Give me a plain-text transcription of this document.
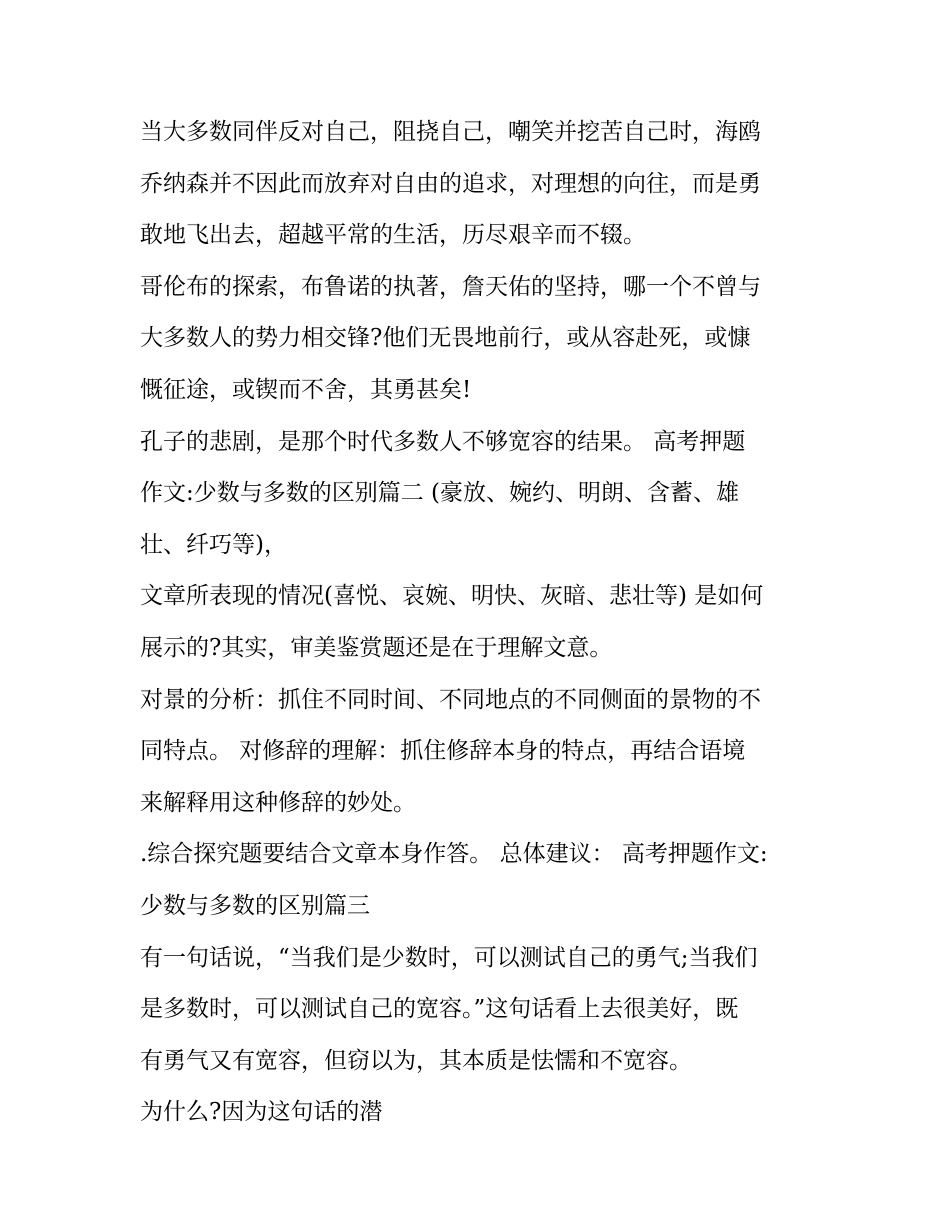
当大多数同伴反对自己，阻挠自己，嘲笑并挖苦自己时，海鸥
乔纳森并不因此而放弃对自由的追求，对理想的向往，而是勇
敢地飞出去，超越平常的生活，历尽艰辛而不辍。
哥伦布的探索，布鲁诺的执著，詹天佑的坚持，哪一个不曾与
大多数人的势力相交锋?他们无畏地前行，或从容赴死，或慷
慨征途，或锲而不舍，其勇甚矣!
孔子的悲剧，是那个时代多数人不够宽容的结果。 高考押题
作文:少数与多数的区别篇二 (豪放、婉约、明朗、含蓄、雄
壮、纤巧等)，
文章所表现的情况(喜悦、哀婉、明快、灰暗、悲壮等) 是如何
展示的?其实，审美鉴赏题还是在于理解文意。
对景的分析：抓住不同时间、不同地点的不同侧面的景物的不
同特点。 对修辞的理解：抓住修辞本身的特点，再结合语境
来解释用这种修辞的妙处。
.综合探究题要结合文章本身作答。 总体建议： 高考押题作文:
少数与多数的区别篇三
有一句话说，“当我们是少数时，可以测试自己的勇气;当我们
是多数时，可以测试自己的宽容。”这句话看上去很美好，既
有勇气又有宽容，但窃以为，其本质是怯懦和不宽容。
为什么?因为这句话的潜
